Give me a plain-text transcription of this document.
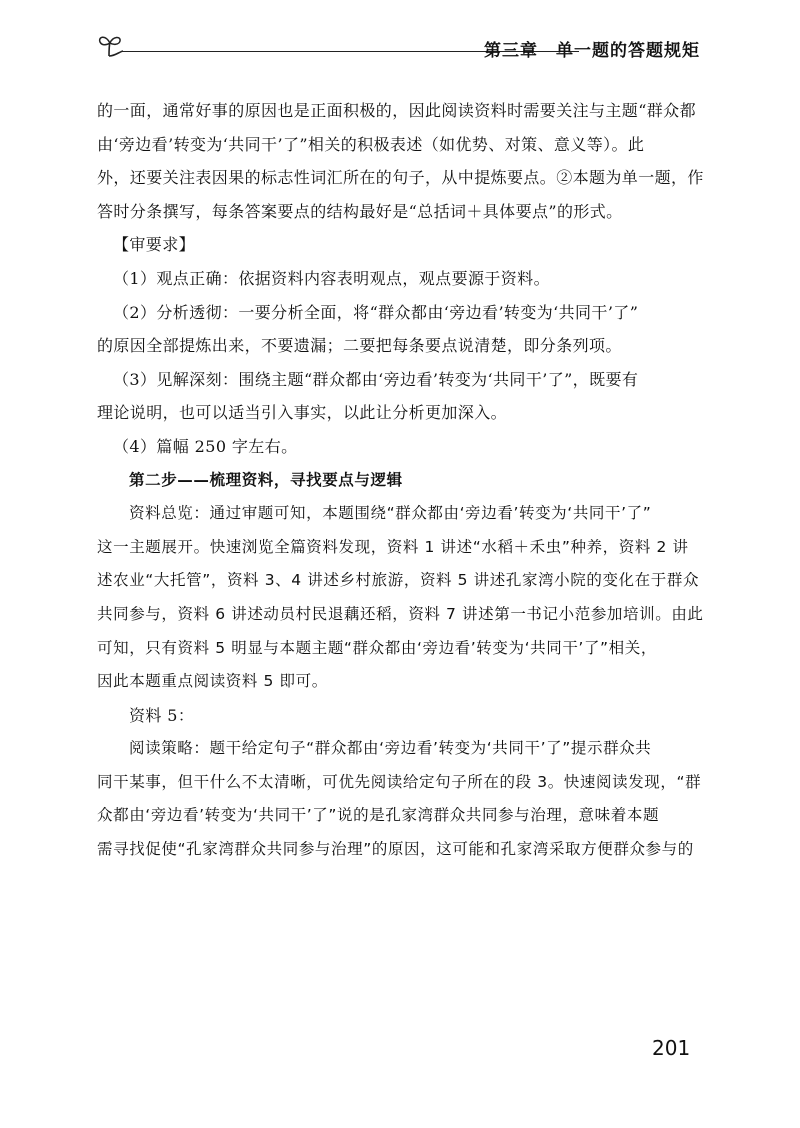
第三章　单一题的答题规矩
的一面，通常好事的原因也是正面积极的，因此阅读资料时需要关注与主题“群众都
由‘旁边看’转变为‘共同干’了”相关的积极表述（如优势、对策、意义等）。此
外，还要关注表因果的标志性词汇所在的句子，从中提炼要点。②本题为单一题，作
答时分条撰写，每条答案要点的结构最好是“总括词＋具体要点”的形式。
【审要求】
（1）观点正确：依据资料内容表明观点，观点要源于资料。
（2）分析透彻：一要分析全面，将“群众都由‘旁边看’转变为‘共同干’了”
的原因全部提炼出来，不要遗漏；二要把每条要点说清楚，即分条列项。
（3）见解深刻：围绕主题“群众都由‘旁边看’转变为‘共同干’了”，既要有
理论说明，也可以适当引入事实，以此让分析更加深入。
（4）篇幅 250 字左右。
第二步——梳理资料，寻找要点与逻辑
资料总览：通过审题可知，本题围绕“群众都由‘旁边看’转变为‘共同干’了”
这一主题展开。快速浏览全篇资料发现，资料 1 讲述“水稻＋禾虫”种养，资料 2 讲
述农业“大托管”，资料 3、4 讲述乡村旅游，资料 5 讲述孔家湾小院的变化在于群众
共同参与，资料 6 讲述动员村民退藕还稻，资料 7 讲述第一书记小范参加培训。由此
可知，只有资料 5 明显与本题主题“群众都由‘旁边看’转变为‘共同干’了”相关，
因此本题重点阅读资料 5 即可。
资料 5：
阅读策略：题干给定句子“群众都由‘旁边看’转变为‘共同干’了”提示群众共
同干某事，但干什么不太清晰，可优先阅读给定句子所在的段 3。快速阅读发现，“群
众都由‘旁边看’转变为‘共同干’了”说的是孔家湾群众共同参与治理，意味着本题
需寻找促使“孔家湾群众共同参与治理”的原因，这可能和孔家湾采取方便群众参与的
201
